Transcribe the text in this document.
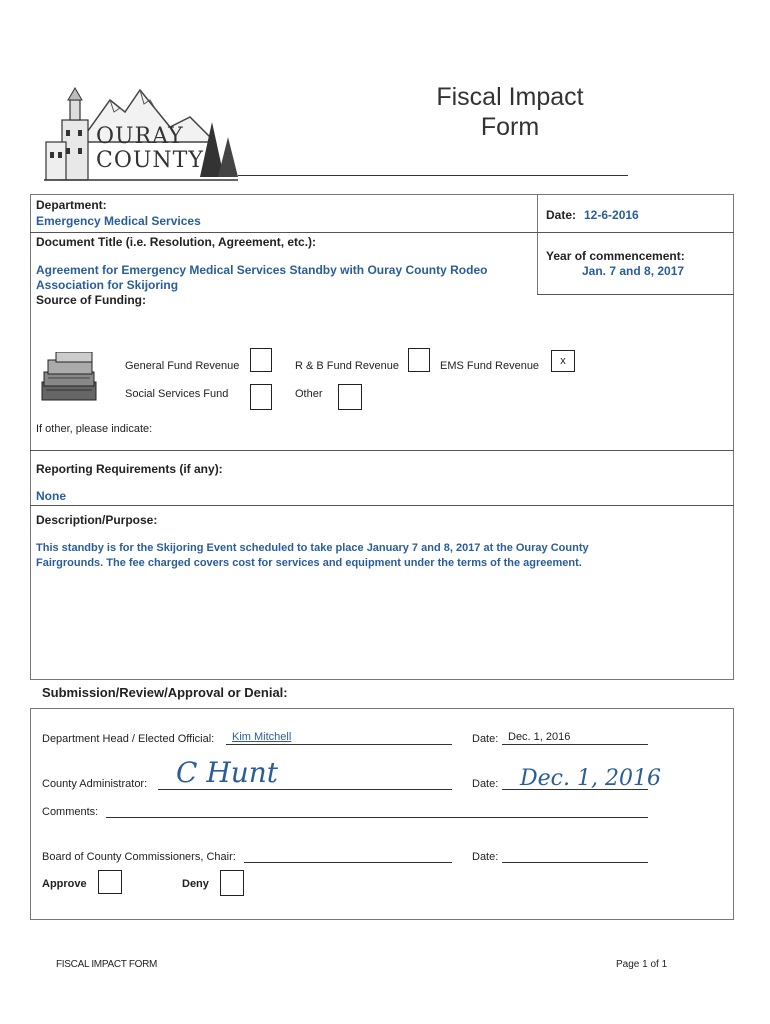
OURAY
COUNTY
Fiscal Impact
Form
Department:
Emergency Medical Services	Date: 12-6-2016
Document Title (i.e. Resolution, Agreement, etc.):
Agreement for Emergency Medical Services Standby with Ouray County Rodeo
Association for Skijoring
Year of commencement:
Jan. 7 and 8, 2017
Source of Funding:
General Fund Revenue	R & B Fund Revenue	EMS Fund Revenue	x
Social Services Fund	Other
If other, please indicate:
Reporting Requirements (if any):
None
Description/Purpose:
This standby is for the Skijoring Event scheduled to take place January 7 and 8, 2017 at the Ouray County
Fairgrounds. The fee charged covers cost for services and equipment under the terms of the agreement.
Submission/Review/Approval or Denial:
Department Head / Elected Official: Kim Mitchell	Date: Dec. 1, 2016
County Administrator: C Hunt	Date: Dec. 1, 2016
Comments:
Board of County Commissioners, Chair:	Date:
Approve	Deny
FISCAL IMPACT FORM	Page 1 of 1
